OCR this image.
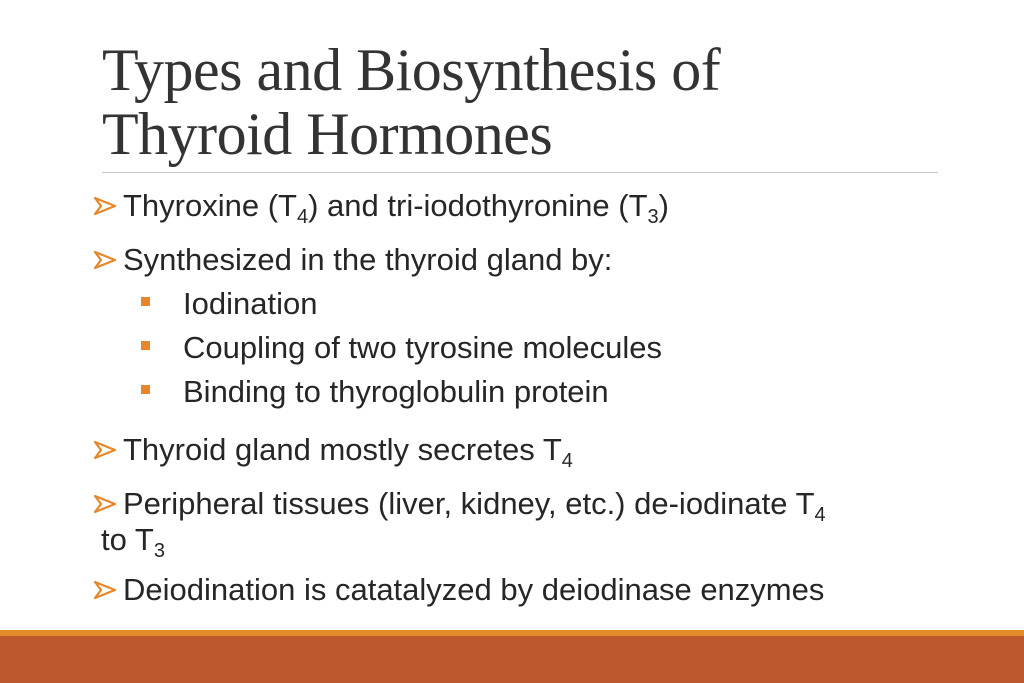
Types and Biosynthesis of
Thyroid Hormones
Thyroxine $(T_4)$ and tri-iodothyronine $(T_3)$
Synthesized in the thyroid gland by:
Iodination
Coupling of two tyrosine molecules
Binding to thyroglobulin protein
Thyroid gland mostly secretes $T_4$
Peripheral tissues (liver, kidney, etc.) de-iodinate $T_4$
to $T_3$
Deiodination is catatalyzed by deiodinase enzymes
